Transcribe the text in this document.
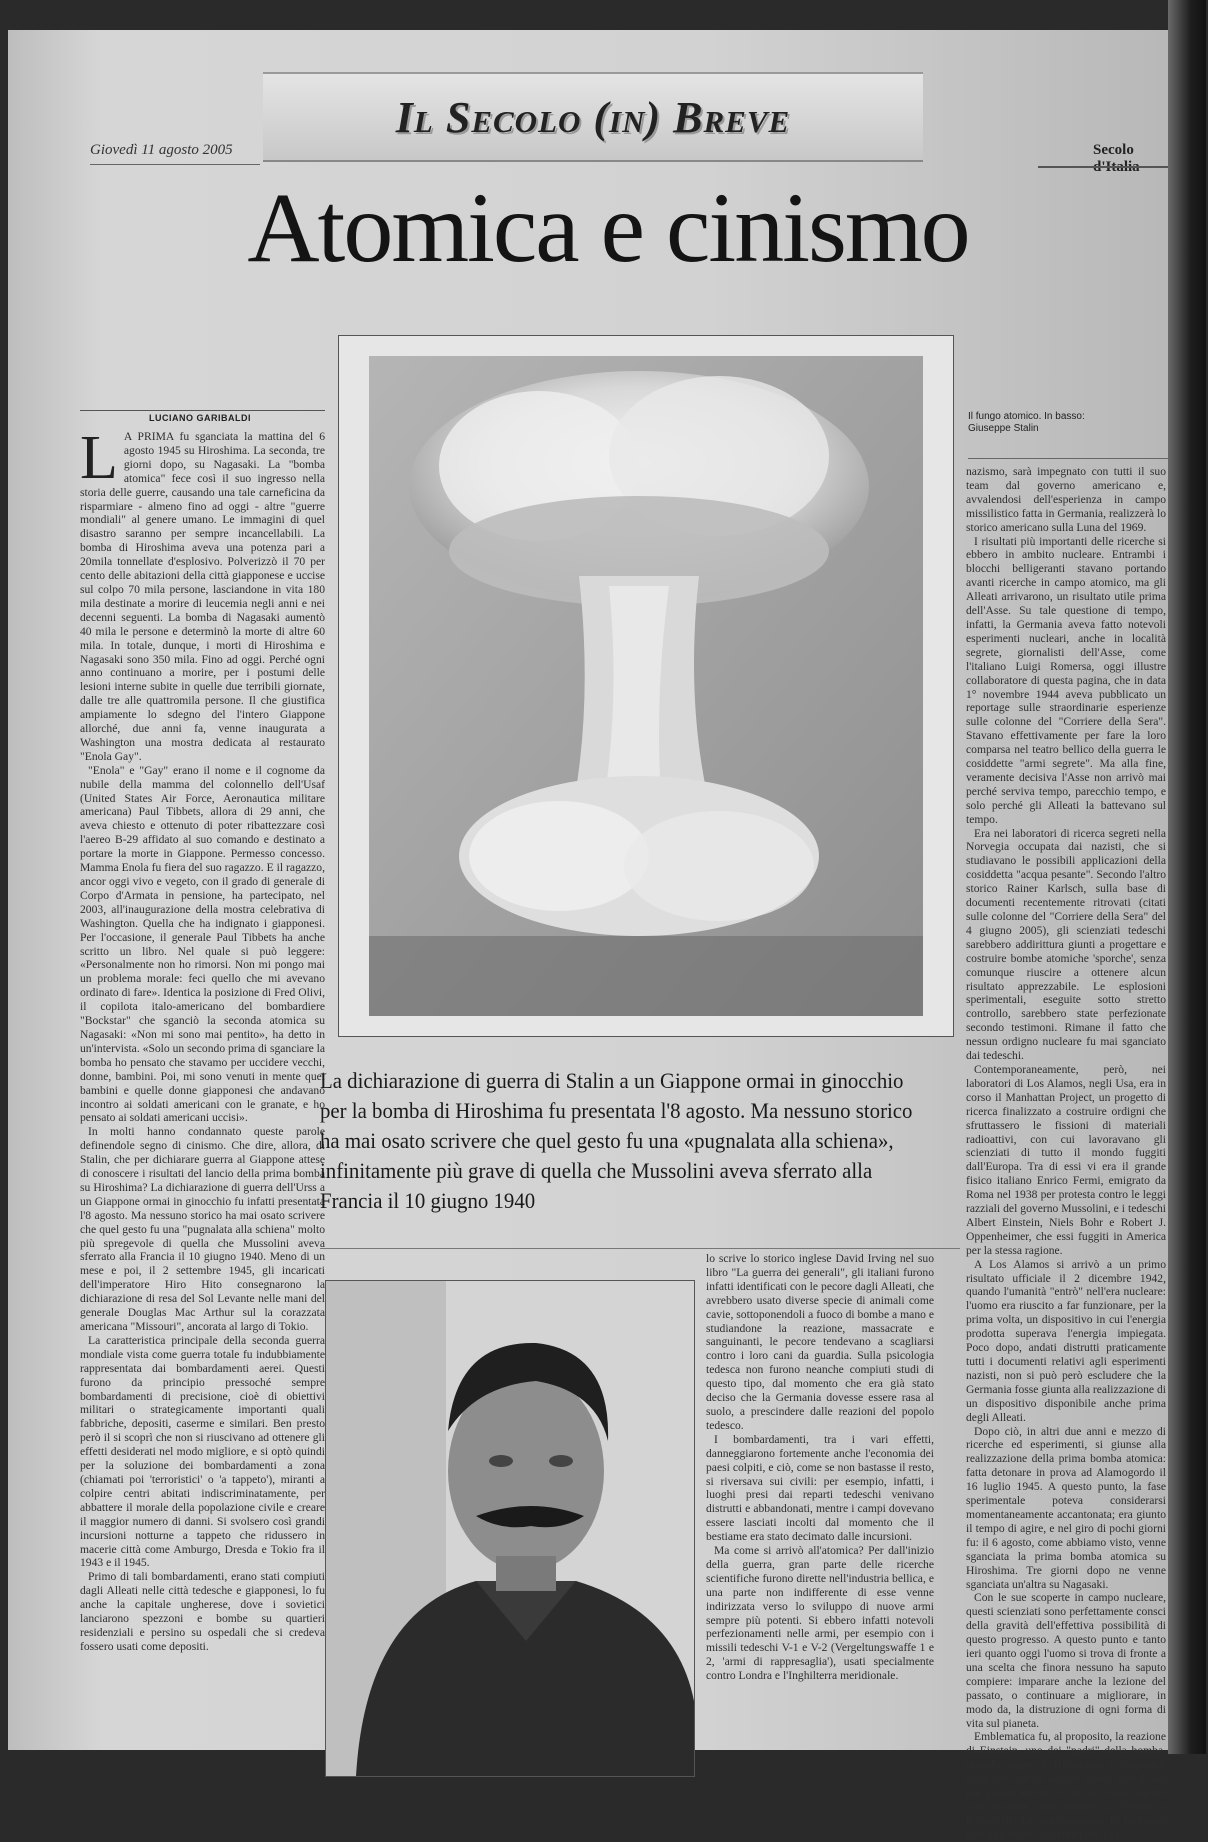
Il Secolo (in) Breve
Giovedì 11 agosto 2005	Secolo d'Italia
Atomica e cinismo
LUCIANO GARIBALDI
L A PRIMA fu sganciata la mattina del 6 agosto 1945 su Hiroshima. La seconda, tre giorni dopo, su Nagasaki. La "bomba atomica" fece così il suo ingresso nella storia delle guerre, causando una tale carneficina da risparmiare - almeno fino ad oggi - altre "guerre mondiali" al genere umano. Le immagini di quel disastro saranno per sempre incancellabili. La bomba di Hiroshima aveva una potenza pari a 20mila tonnellate d'esplosivo. Polverizzò il 70 per cento delle abitazioni della città giapponese e uccise sul colpo 70 mila persone, lasciandone in vita 180 mila destinate a morire di leucemia negli anni e nei decenni seguenti. La bomba di Nagasaki aumentò 40 mila le persone e determinò la morte di altre 60 mila. In totale, dunque, i morti di Hiroshima e Nagasaki sono 350 mila. Fino ad oggi. Perché ogni anno continuano a morire, per i postumi delle lesioni interne subite in quelle due terribili giornate, dalle tre alle quattromila persone. Il che giustifica ampiamente lo sdegno del l'intero Giappone allorché, due anni fa, venne inaugurata a Washington una mostra dedicata al restaurato "Enola Gay".

"Enola" e "Gay" erano il nome e il cognome da nubile della mamma del colonnello dell'Usaf (United States Air Force, Aeronautica militare americana) Paul Tibbets, allora di 29 anni, che aveva chiesto e ottenuto di poter ribattezzare così l'aereo B-29 affidato al suo comando e destinato a portare la morte in Giappone. Permesso concesso. Mamma Enola fu fiera del suo ragazzo. E il ragazzo, ancor oggi vivo e vegeto, con il grado di generale di Corpo d'Armata in pensione, ha partecipato, nel 2003, all'inaugurazione della mostra celebrativa di Washington. Quella che ha indignato i giapponesi. Per l'occasione, il generale Paul Tibbets ha anche scritto un libro. Nel quale si può leggere: «Personalmente non ho rimorsi. Non mi pongo mai un problema morale: feci quello che mi avevano ordinato di fare». Identica la posizione di Fred Olivi, il copilota italo-americano del bombardiere "Bockstar" che sganciò la seconda atomica su Nagasaki: «Non mi sono mai pentito», ha detto in un'intervista. «Solo un secondo prima di sganciare la bomba ho pensato che stavamo per uccidere vecchi, donne, bambini. Poi, mi sono venuti in mente quei bambini e quelle donne giapponesi che andavano incontro ai soldati americani con le granate, e ho pensato ai soldati americani uccisi».

In molti hanno condannato queste parole definendole segno di cinismo. Che dire, allora, di Stalin, che per dichiarare guerra al Giappone attese di conoscere i risultati del lancio della prima bomba su Hiroshima? La dichiarazione di guerra dell'Urss a un Giappone ormai in ginocchio fu infatti presentata l'8 agosto. Ma nessuno storico ha mai osato scrivere che quel gesto fu una "pugnalata alla schiena" molto più spregevole di quella che Mussolini aveva sferrato alla Francia il 10 giugno 1940. Meno di un mese e poi, il 2 settembre 1945, gli incaricati dell'imperatore Hiro Hito consegnarono la dichiarazione di resa del Sol Levante nelle mani del generale Douglas Mac Arthur sul la corazzata americana "Missouri", ancorata al largo di Tokio.

La caratteristica principale della seconda guerra mondiale vista come guerra totale fu indubbiamente rappresentata dai bombardamenti aerei. Questi furono da principio pressoché sempre bombardamenti di precisione, cioè di obiettivi militari o strategicamente importanti quali fabbriche, depositi, caserme e similari. Ben presto però il si scoprì che non si riuscivano ad ottenere gli effetti desiderati nel modo migliore, e si optò quindi per la soluzione dei bombardamenti a zona (chiamati poi 'terroristici' o 'a tappeto'), miranti a colpire centri abitati indiscriminatamente, per abbattere il morale della popolazione civile e creare il maggior numero di danni. Si svolsero così grandi incursioni notturne a tappeto che ridussero in macerie città come Amburgo, Dresda e Tokio fra il 1943 e il 1945.

Primo di tali bombardamenti, erano stati compiuti dagli Alleati nelle città tedesche e giapponesi, lo fu anche la capitale ungherese, dove i sovietici lanciarono spezzoni e bombe su quartieri residenziali e persino su ospedali che si credeva fossero usati come depositi.

Il fungo atomico. In basso:
Giuseppe Stalin

nazismo, sarà impegnato con tutti il suo team dal governo americano e, avvalendosi dell'esperienza in campo missilistico fatta in Germania, realizzerà lo storico americano sulla Luna del 1969.

I risultati più importanti delle ricerche si ebbero in ambito nucleare. Entrambi i blocchi belligeranti stavano portando avanti ricerche in campo atomico, ma gli Alleati arrivarono, un risultato utile prima dell'Asse. Su tale questione di tempo, infatti, la Germania aveva fatto notevoli esperimenti nucleari, anche in località segrete, giornalisti dell'Asse, come l'italiano Luigi Romersa, oggi illustre collaboratore di questa pagina, che in data 1° novembre 1944 aveva pubblicato un reportage sulle straordinarie esperienze sulle colonne del "Corriere della Sera". Stavano effettivamente per fare la loro comparsa nel teatro bellico della guerra le cosiddette "armi segrete". Ma alla fine, veramente decisiva l'Asse non arrivò mai perché serviva tempo, parecchio tempo, e solo perché gli Alleati la battevano sul tempo.

Era nei laboratori di ricerca segreti nella Norvegia occupata dai nazisti, che si studiavano le possibili applicazioni della cosiddetta "acqua pesante". Secondo l'altro storico Rainer Karlsch, sulla base di documenti recentemente ritrovati (citati sulle colonne del "Corriere della Sera" del 4 giugno 2005), gli scienziati tedeschi sarebbero addirittura giunti a progettare e costruire bombe atomiche 'sporche', senza comunque riuscire a ottenere alcun risultato apprezzabile. Le esplosioni sperimentali, eseguite sotto stretto controllo, sarebbero state perfezionate secondo testimoni. Rimane il fatto che nessun ordigno nucleare fu mai sganciato dai tedeschi.

Contemporaneamente, però, nei laboratori di Los Alamos, negli Usa, era in corso il Manhattan Project, un progetto di ricerca finalizzato a costruire ordigni che sfruttassero le fissioni di materiali radioattivi, con cui lavoravano gli scienziati di tutto il mondo fuggiti dall'Europa. Tra di essi vi era il grande fisico italiano Enrico Fermi, emigrato da Roma nel 1938 per protesta contro le leggi razziali del governo Mussolini, e i tedeschi Albert Einstein, Niels Bohr e Robert J. Oppenheimer, che essi fuggiti in America per la stessa ragione.

A Los Alamos si arrivò a un primo risultato ufficiale il 2 dicembre 1942, quando l'umanità "entrò" nell'era nucleare: l'uomo era riuscito a far funzionare, per la prima volta, un dispositivo in cui l'energia prodotta superava l'energia impiegata. Poco dopo, andati distrutti praticamente tutti i documenti relativi agli esperimenti nazisti, non si può però escludere che la Germania fosse giunta alla realizzazione di un dispositivo disponibile anche prima degli Alleati.

Dopo ciò, in altri due anni e mezzo di ricerche ed esperimenti, si giunse alla realizzazione della prima bomba atomica: fatta detonare in prova ad Alamogordo il 16 luglio 1945. A questo punto, la fase sperimentale poteva considerarsi momentaneamente accantonata; era giunto il tempo di agire, e nel giro di pochi giorni fu: il 6 agosto, come abbiamo visto, venne sganciata la prima bomba atomica su Hiroshima. Tre giorni dopo ne venne sganciata un'altra su Nagasaki.

Con le sue scoperte in campo nucleare, questi scienziati sono perfettamente consci della gravità dell'effettiva possibilità di questo progresso. A questo punto e tanto ieri quanto oggi l'uomo si trova di fronte a una scelta che finora nessuno ha saputo compiere: imparare anche la lezione del passato, o continuare a migliorare, in modo da, la distruzione di ogni forma di vita sul pianeta.

Emblematica fu, al proposito, la reazione di Einstein, uno dei "padri" della bomba, quando seppe di Hiroshima e Nagasaki: disse che quegli ordigni erano stati il suo più grande errore, e che se avesse saputo non avrebbe mai firmato la lettera a Roosevelt. La sua coscienza lo tormentò fino alla morte, avvenuta nel 1955.

La dichiarazione di guerra di Stalin a un Giappone ormai in ginocchio per la bomba di Hiroshima fu presentata l'8 agosto. Ma nessuno storico ha mai osato scrivere che quel gesto fu una «pugnalata alla schiena», infinitamente più grave di quella che Mussolini aveva sferrato alla Francia il 10 giugno 1940

lo scrive lo storico inglese David Irving nel suo libro "La guerra dei generali", gli italiani furono infatti identificati con le pecore dagli Alleati, che avrebbero usato diverse specie di animali come cavie, sottoponendoli a fuoco di bombe a mano e studiandone la reazione, massacrate e sanguinanti, le pecore tendevano a scagliarsi contro i loro cani da guardia. Sulla psicologia tedesca non furono neanche compiuti studi di questo tipo, dal momento che era già stato deciso che la Germania dovesse essere rasa al suolo, a prescindere dalle reazioni del popolo tedesco.

I bombardamenti, tra i vari effetti, danneggiarono fortemente anche l'economia dei paesi colpiti, e ciò, come se non bastasse il resto, si riversava sui civili: per esempio, infatti, i luoghi presi dai reparti tedeschi venivano distrutti e abbandonati, mentre i campi dovevano essere lasciati incolti dal momento che il bestiame era stato decimato dalle incursioni.

Ma come si arrivò all'atomica? Per dall'inizio della guerra, gran parte delle ricerche scientifiche furono dirette nell'industria bellica, e una parte non indifferente di esse venne indirizzata verso lo sviluppo di nuove armi sempre più potenti. Si ebbero infatti notevoli perfezionamenti nelle armi, per esempio con i missili tedeschi V-1 e V-2 (Vergeltungswaffe 1 e 2, 'armi di rappresaglia'), usati specialmente contro Londra e l'Inghilterra meridionale.
